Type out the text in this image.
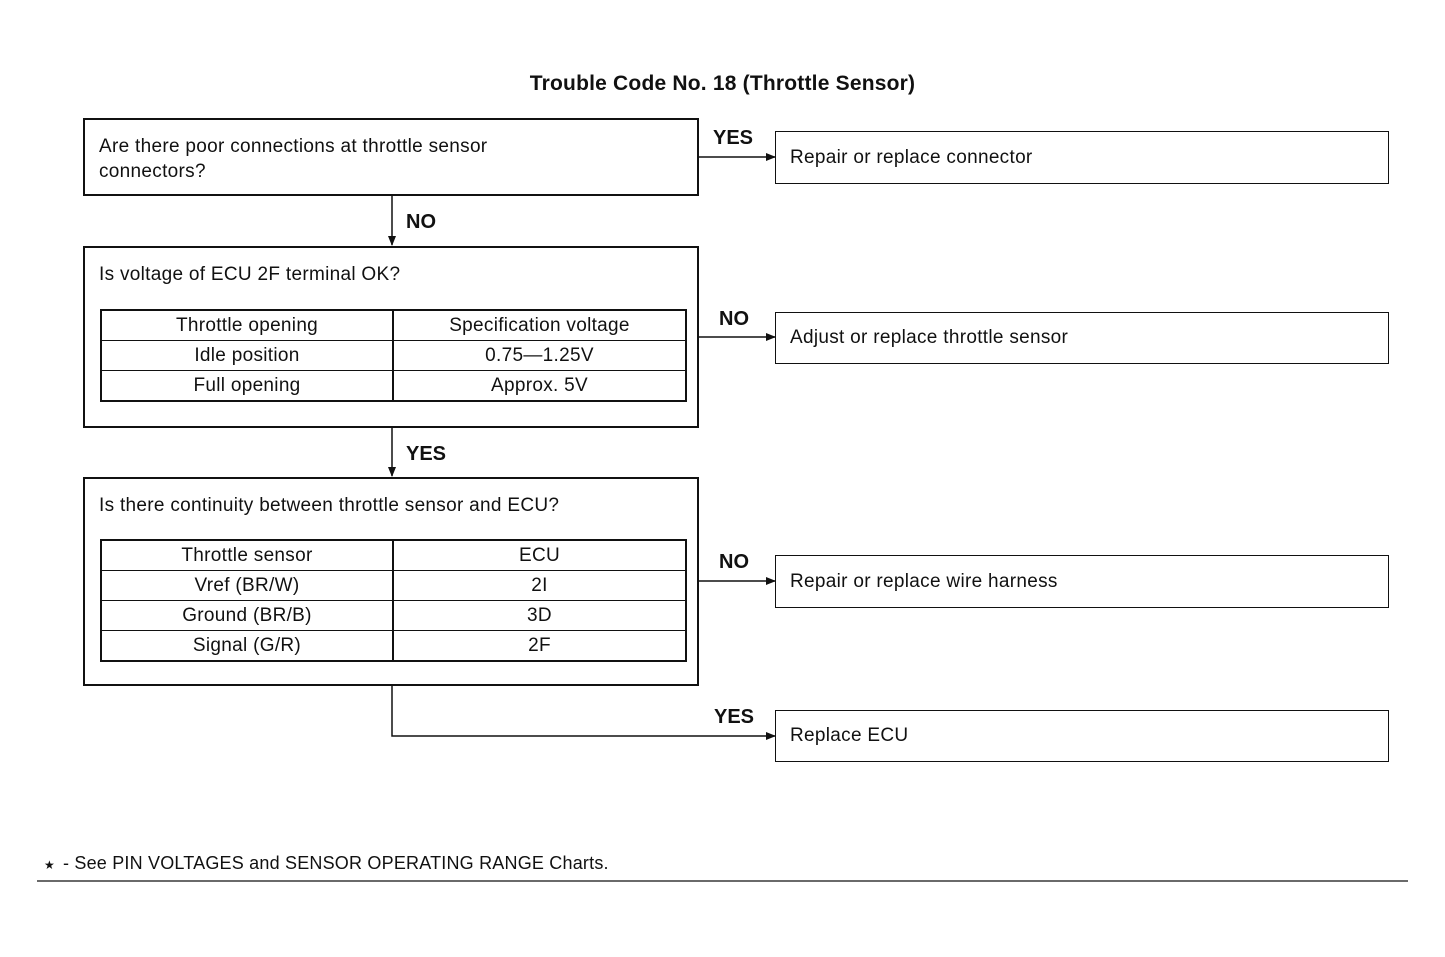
Trouble Code No. 18 (Throttle Sensor)
Are there poor connections at throttle sensor connectors?
YES
Repair or replace connector
NO
Is voltage of ECU 2F terminal OK?
Throttle opening	Specification voltage
Idle position	0.75—1.25V
Full opening	Approx. 5V
NO
Adjust or replace throttle sensor
YES
Is there continuity between throttle sensor and ECU?
Throttle sensor	ECU
Vref (BR/W)	2I
Ground (BR/B)	3D
Signal (G/R)	2F
NO
Repair or replace wire harness
YES
Replace ECU
★ - See PIN VOLTAGES and SENSOR OPERATING RANGE Charts.
